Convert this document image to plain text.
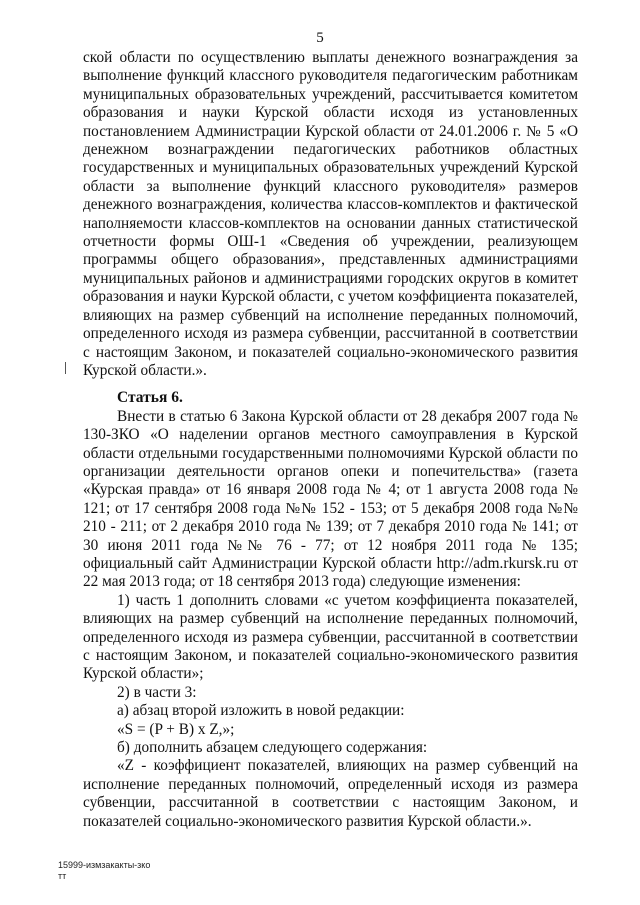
5

ской области по осуществлению выплаты денежного вознаграждения за выполнение функций классного руководителя педагогическим работникам муниципальных образовательных учреждений, рассчитывается комитетом образования и науки Курской области исходя из установленных постановлением Администрации Курской области от 24.01.2006 г. № 5 «О денежном вознаграждении педагогических работников областных государственных и муниципальных образовательных учреждений Курской области за выполнение функций классного руководителя» размеров денежного вознаграждения, количества классов-комплектов и фактической наполняемости классов-комплектов на основании данных статистической отчетности формы ОШ-1 «Сведения об учреждении, реализующем программы общего образования», представленных администрациями муниципальных районов и администрациями городских округов в комитет образования и науки Курской области, с учетом коэффициента показателей, влияющих на размер субвенций на исполнение переданных полномочий, определенного исходя из размера субвенции, рассчитанной в соответствии с настоящим Законом, и показателей социально-экономического развития Курской области.».

Статья 6.

Внести в статью 6 Закона Курской области от 28 декабря 2007 года № 130-ЗКО «О наделении органов местного самоуправления в Курской области отдельными государственными полномочиями Курской области по организации деятельности органов опеки и попечительства» (газета «Курская правда» от 16 января 2008 года № 4; от 1 августа 2008 года № 121; от 17 сентября 2008 года №№ 152 - 153; от 5 декабря 2008 года №№ 210 - 211; от 2 декабря 2010 года № 139; от 7 декабря 2010 года № 141; от 30 июня 2011 года №№ 76 - 77; от 12 ноября 2011 года № 135; официальный сайт Администрации Курской области http://adm.rkursk.ru от 22 мая 2013 года; от 18 сентября 2013 года) следующие изменения:

1) часть 1 дополнить словами «с учетом коэффициента показателей, влияющих на размер субвенций на исполнение переданных полномочий, определенного исходя из размера субвенции, рассчитанной в соответствии с настоящим Законом, и показателей социально-экономического развития Курской области»;

2) в части 3:

а) абзац второй изложить в новой редакции:

«S = (P + B) x Z,»;

б) дополнить абзацем следующего содержания:

«Z - коэффициент показателей, влияющих на размер субвенций на исполнение переданных полномочий, определенный исходя из размера субвенции, рассчитанной в соответствии с настоящим Законом, и показателей социально-экономического развития Курской области.».

15999-измзакакты-зко
тт
